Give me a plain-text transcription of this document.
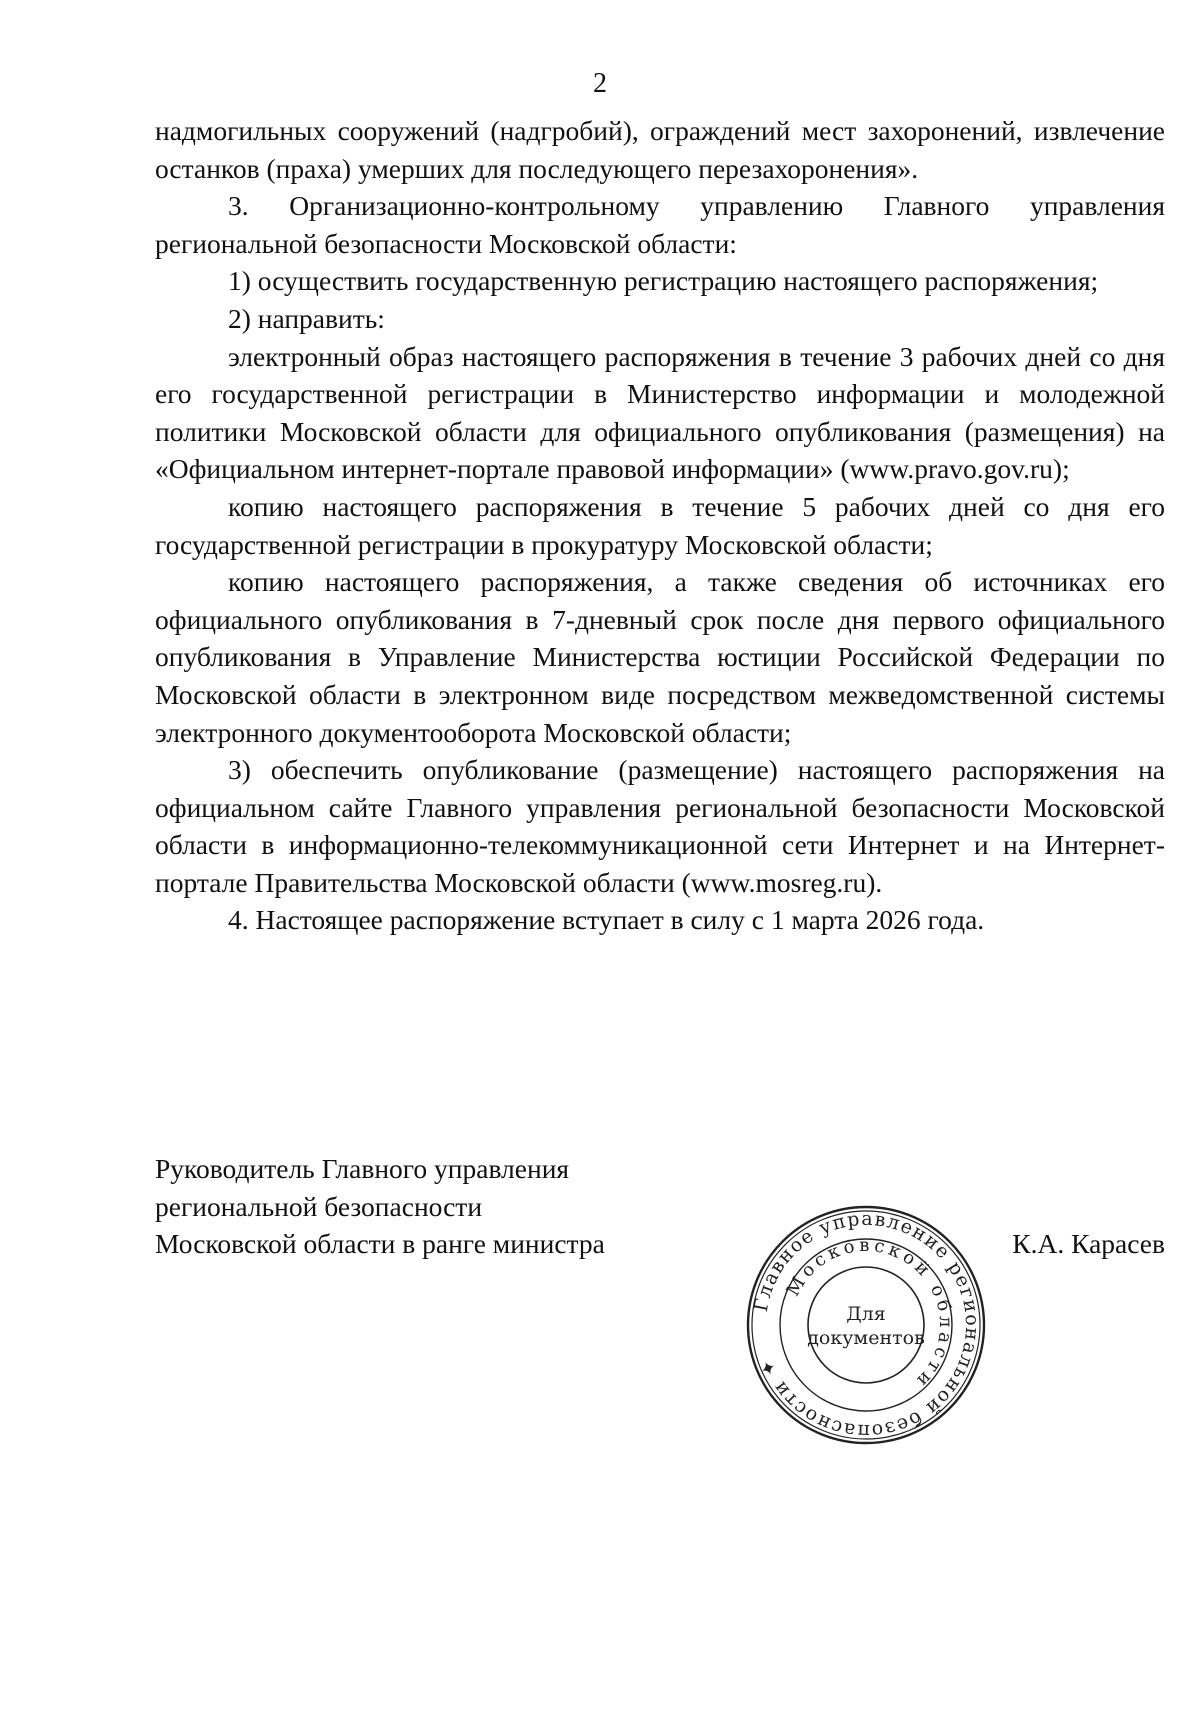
2

надмогильных сооружений (надгробий), ограждений мест захоронений, извлечение останков (праха) умерших для последующего перезахоронения».

3. Организационно-контрольному управлению Главного управления региональной безопасности Московской области:

1) осуществить государственную регистрацию настоящего распоряжения;

2) направить:

электронный образ настоящего распоряжения в течение 3 рабочих дней со дня его государственной регистрации в Министерство информации и молодежной политики Московской области для официального опубликования (размещения) на «Официальном интернет-портале правовой информации» (www.pravo.gov.ru);

копию настоящего распоряжения в течение 5 рабочих дней со дня его государственной регистрации в прокуратуру Московской области;

копию настоящего распоряжения, а также сведения об источниках его официального опубликования в 7-дневный срок после дня первого официального опубликования в Управление Министерства юстиции Российской Федерации по Московской области в электронном виде посредством межведомственной системы электронного документооборота Московской области;

3) обеспечить опубликование (размещение) настоящего распоряжения на официальном сайте Главного управления региональной безопасности Московской области в информационно-телекоммуникационной сети Интернет и на Интернет-портале Правительства Московской области (www.mosreg.ru).

4. Настоящее распоряжение вступает в силу с 1 марта 2026 года.

Руководитель Главного управления
региональной безопасности
Московской области в ранге министра
Главное управление региональной безопасности ✦
Московской области
Для
документов
К.А. Карасев
